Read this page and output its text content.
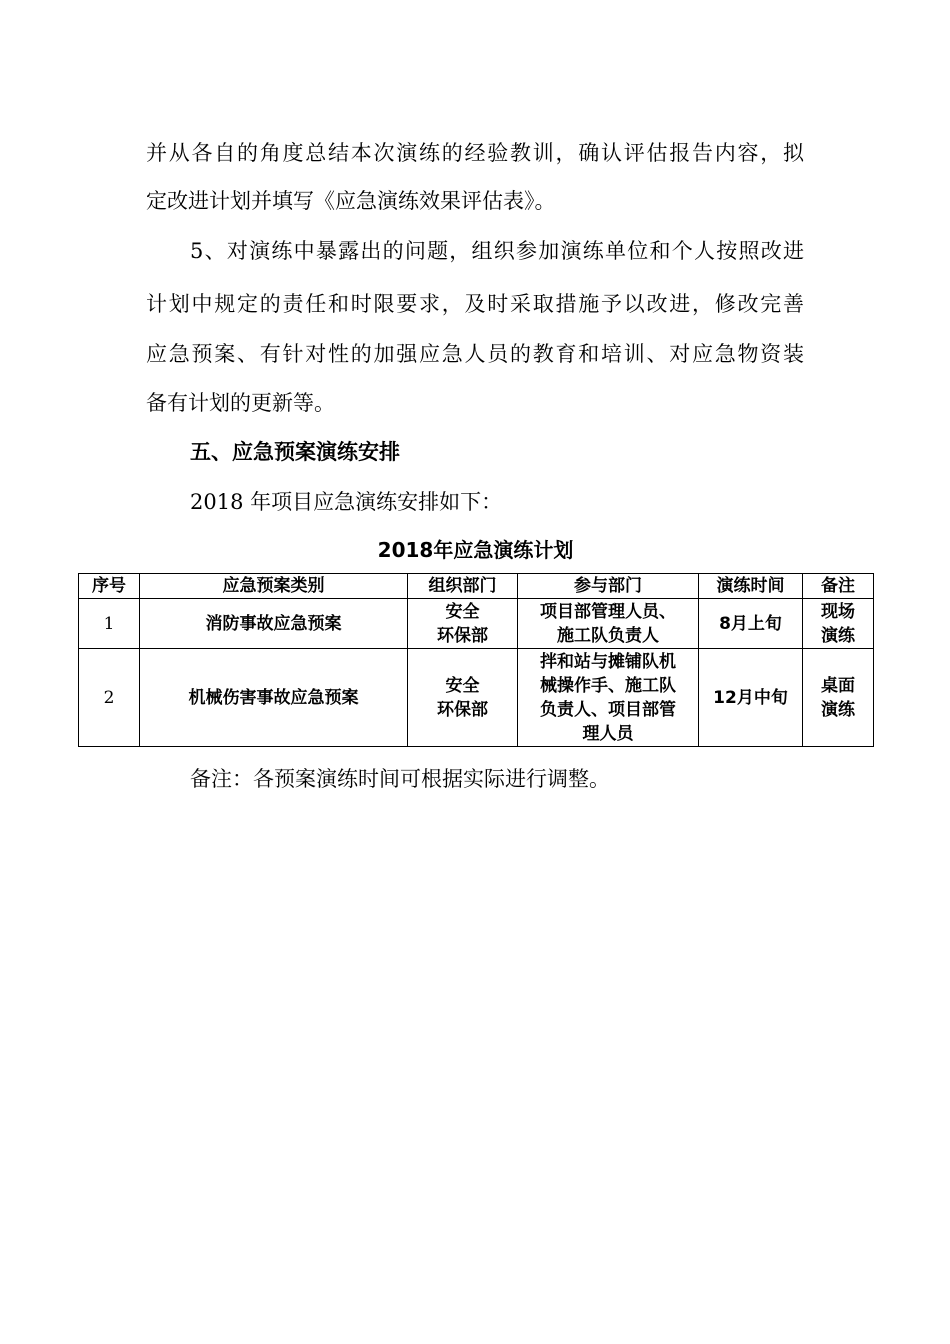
并从各自的角度总结本次演练的经验教训，确认评估报告内容，拟
定改进计划并填写《应急演练效果评估表》。
5、对演练中暴露出的问题，组织参加演练单位和个人按照改进
计划中规定的责任和时限要求，及时采取措施予以改进，修改完善
应急预案、有针对性的加强应急人员的教育和培训、对应急物资装
备有计划的更新等。
五、应急预案演练安排
2018 年项目应急演练安排如下：
2018年应急演练计划
序号	应急预案类别	组织部门	参与部门	演练时间	备注
1	消防事故应急预案	安全
环保部	项目部管理人员、
施工队负责人	8月上旬	现场
演练

2	机械伤害事故应急预案	安全
环保部	拌和站与摊铺队机
械操作手、施工队
负责人、项目部管
理人员	12月中旬	桌面
演练
备注：各预案演练时间可根据实际进行调整。
